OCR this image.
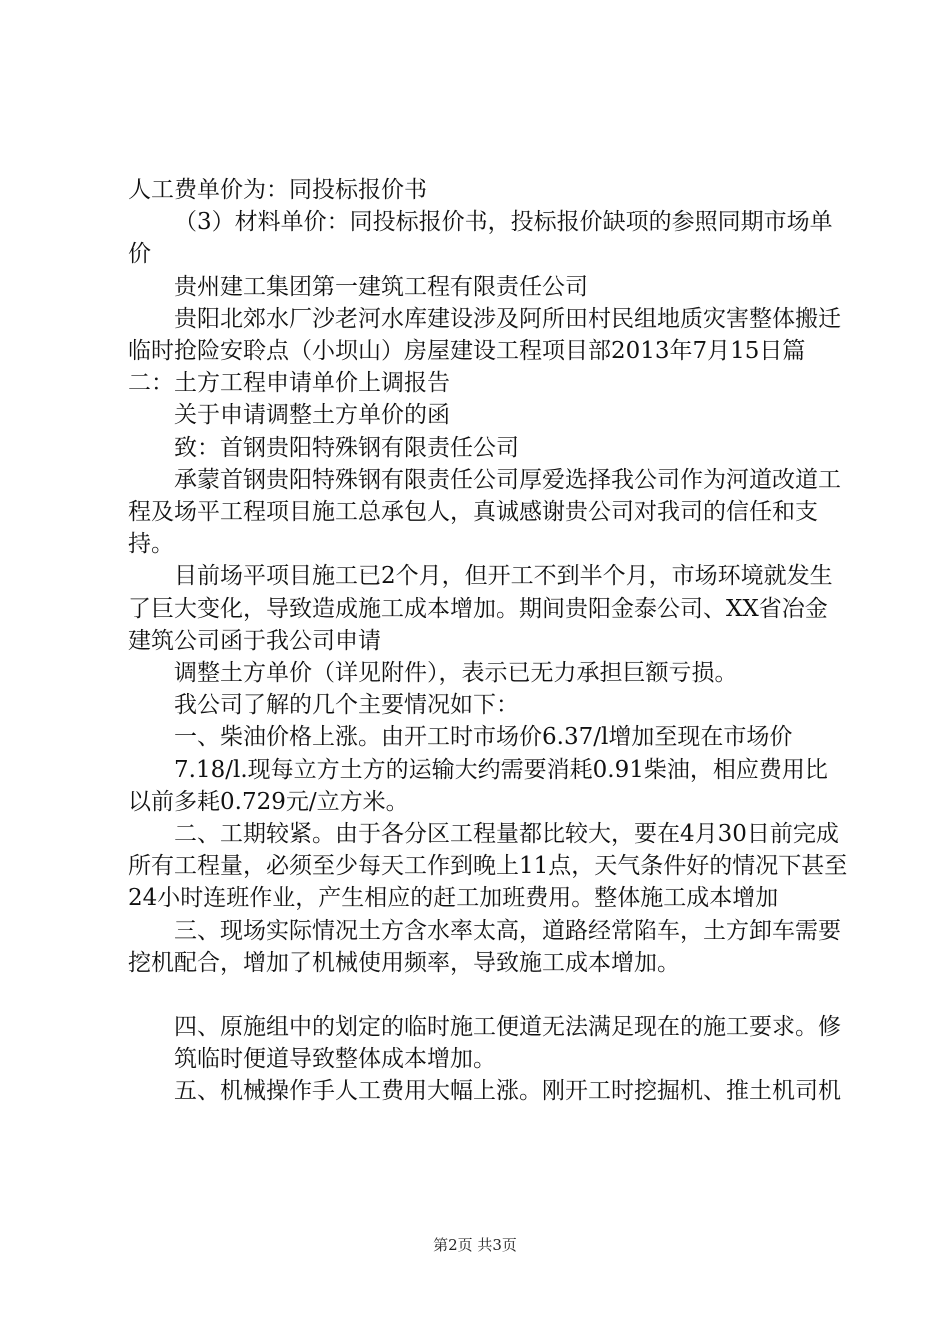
人工费单价为：同投标报价书

（3）材料单价：同投标报价书，投标报价缺项的参照同期市场单价

贵州建工集团第一建筑工程有限责任公司

贵阳北郊水厂沙老河水库建设涉及阿所田村民组地质灾害整体搬迁临时抢险安聆点（小坝山）房屋建设工程项目部2013年7月15日篇二：土方工程申请单价上调报告

关于申请调整土方单价的函

致：首钢贵阳特殊钢有限责任公司

承蒙首钢贵阳特殊钢有限责任公司厚爱选择我公司作为河道改道工程及场平工程项目施工总承包人，真诚感谢贵公司对我司的信任和支持。

目前场平项目施工已2个月，但开工不到半个月，市场环境就发生了巨大变化，导致造成施工成本增加。期间贵阳金泰公司、XX省冶金建筑公司函于我公司申请

调整土方单价（详见附件），表示已无力承担巨额亏损。

我公司了解的几个主要情况如下：

一、柴油价格上涨。由开工时市场价6.37/l增加至现在市场价

7.18/l.现每立方土方的运输大约需要消耗0.91柴油，相应费用比以前多耗0.729元/立方米。

二、工期较紧。由于各分区工程量都比较大，要在4月30日前完成所有工程量，必须至少每天工作到晚上11点，天气条件好的情况下甚至24小时连班作业，产生相应的赶工加班费用。整体施工成本增加

三、现场实际情况土方含水率太高，道路经常陷车，土方卸车需要挖机配合，增加了机械使用频率，导致施工成本增加。

四、原施组中的划定的临时施工便道无法满足现在的施工要求。修

筑临时便道导致整体成本增加。

五、机械操作手人工费用大幅上涨。刚开工时挖掘机、推土机司机

第2页 共3页
